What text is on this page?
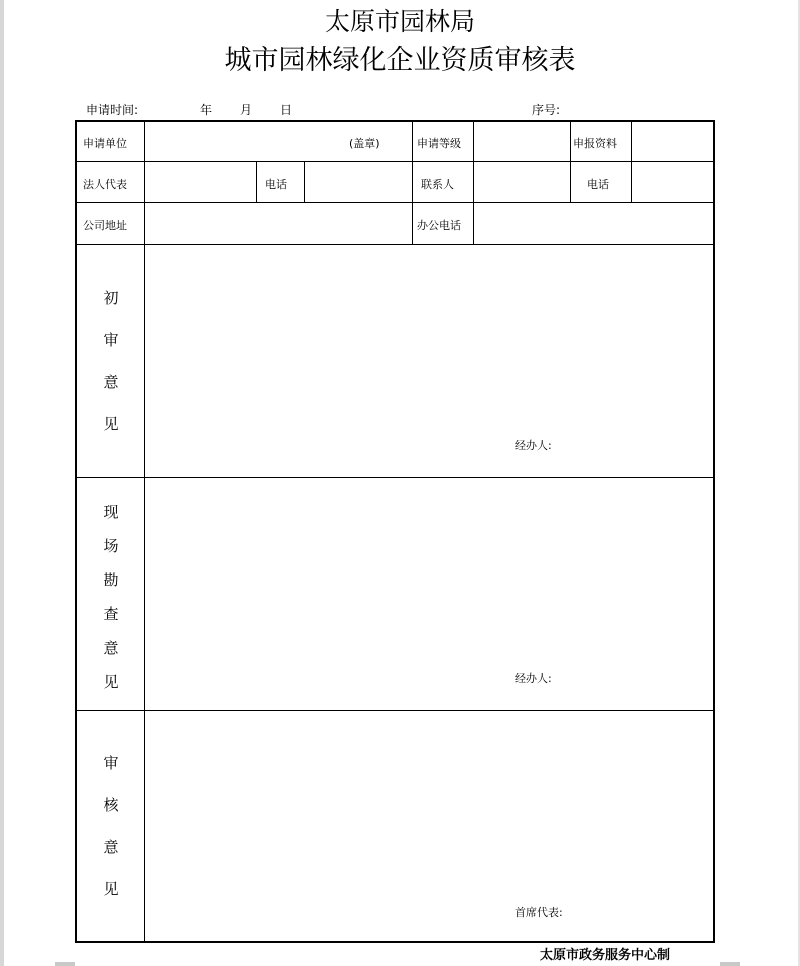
太原市园林局
城市园林绿化企业资质审核表
申请时间:	年 月 日	序号:
申请单位	(盖章)	申请等级	申报资料
法人代表	电话	联系人	电话
公司地址	办公电话
初
审
意
见
经办人:
现
场
勘
查
意
见	经办人:
审
核
意
见
首席代表:
太原市政务服务中心制
